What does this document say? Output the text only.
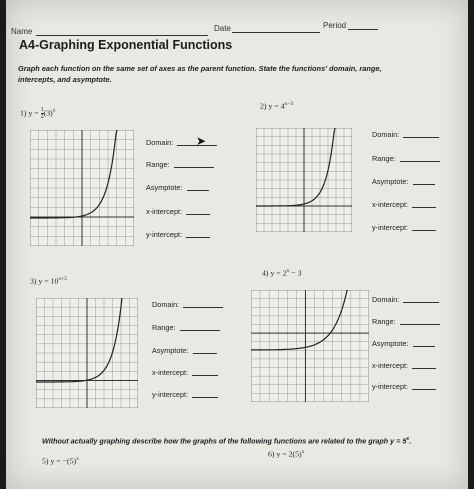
Name	Date	Period
A4-Graphing Exponential Functions
Graph each function on the same set of axes as the parent function. State the functions' domain, range,
intercepts, and asymptote.
1) $y = \frac{1}{2} (3)^x$
2) $y = 4^{x-3}$
3) $y = 10^{x+5}$
4) $y = 2^x - 3$
Domain:	➤
Range:
Asymptote:
x-intercept:
y-intercept:
Domain:
Range:
Asymptote:
x-intercept:
y-intercept:
Domain:
Range:
Asymptote:
x-intercept:
y-intercept:
Domain:
Range:
Asymptote:
x-intercept:
y-intercept:
Without actually graphing describe how the graphs of the following functions are related to the graph $y = 5^x$.
5) $y = -(5)^x$
6) $y = 2(5)^x$
